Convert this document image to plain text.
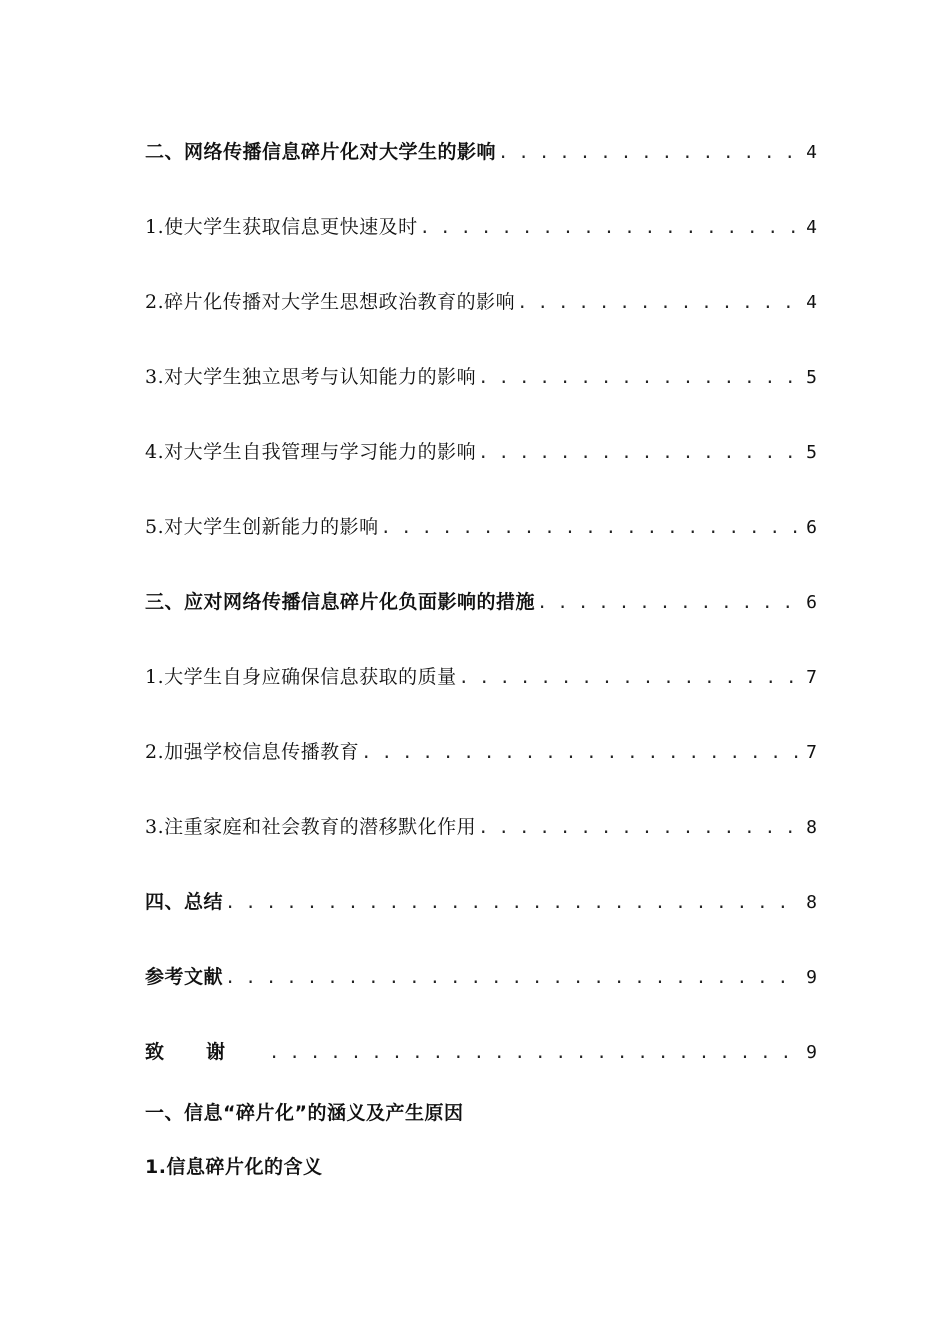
二、网络传播信息碎片化对大学生的影响 . . .	4
1.使大学生获取信息更快速及时 . . .	4
2.碎片化传播对大学生思想政治教育的影响 . . .	4
3.对大学生独立思考与认知能力的影响 . . .	5
4.对大学生自我管理与学习能力的影响 . . .	5
5.对大学生创新能力的影响 . . .	6
三、应对网络传播信息碎片化负面影响的措施 . . .	6
1.大学生自身应确保信息获取的质量 . . .	7
2.加强学校信息传播教育 . . .	7
3.注重家庭和社会教育的潜移默化作用 . . .	8
四、总结 . . .	8
参考文献 . . .	9
致谢 . . .	9
一、信息“碎片化”的涵义及产生原因
1.信息碎片化的含义
